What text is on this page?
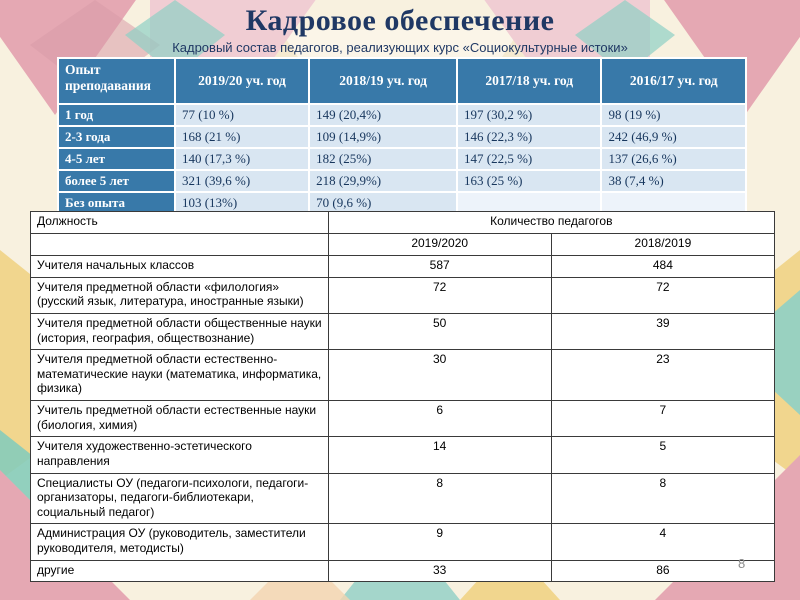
Кадровое обеспечение
Кадровый состав педагогов, реализующих курс «Социокультурные истоки»
Опыт преподавания	2019/20 уч. год	2018/19 уч. год	2017/18 уч. год	2016/17 уч. год
1 год	77 (10 %)	149 (20,4%)	197 (30,2 %)	98 (19 %)
2-3 года	168 (21 %)	109 (14,9%)	146 (22,3 %)	242 (46,9 %)
4-5 лет	140 (17,3 %)	182 (25%)	147 (22,5 %)	137 (26,6 %)
более 5 лет	321 (39,6 %)	218 (29,9%)	163 (25 %)	38 (7,4 %)
Без опыта	103 (13%)	70 (9,6 %)		
Должность	Количество педагогов	
	2019/2020	2018/2019
Учителя начальных классов	587	484
Учителя предметной области «филология» (русский язык, литература, иностранные языки)	72	72
Учителя предметной области общественные науки (история, география, обществознание)	50	39
Учителя предметной области естественно-математические науки (математика, информатика, физика)	30	23
Учитель предметной области естественные науки (биология, химия)	6	7
Учителя художественно-эстетического направления	14	5
Специалисты ОУ (педагоги-психологи, педагоги-организаторы, педагоги-библиотекари, социальный педагог)	8	8
Администрация ОУ (руководитель, заместители руководителя, методисты)	9	4
другие	33	86	8
